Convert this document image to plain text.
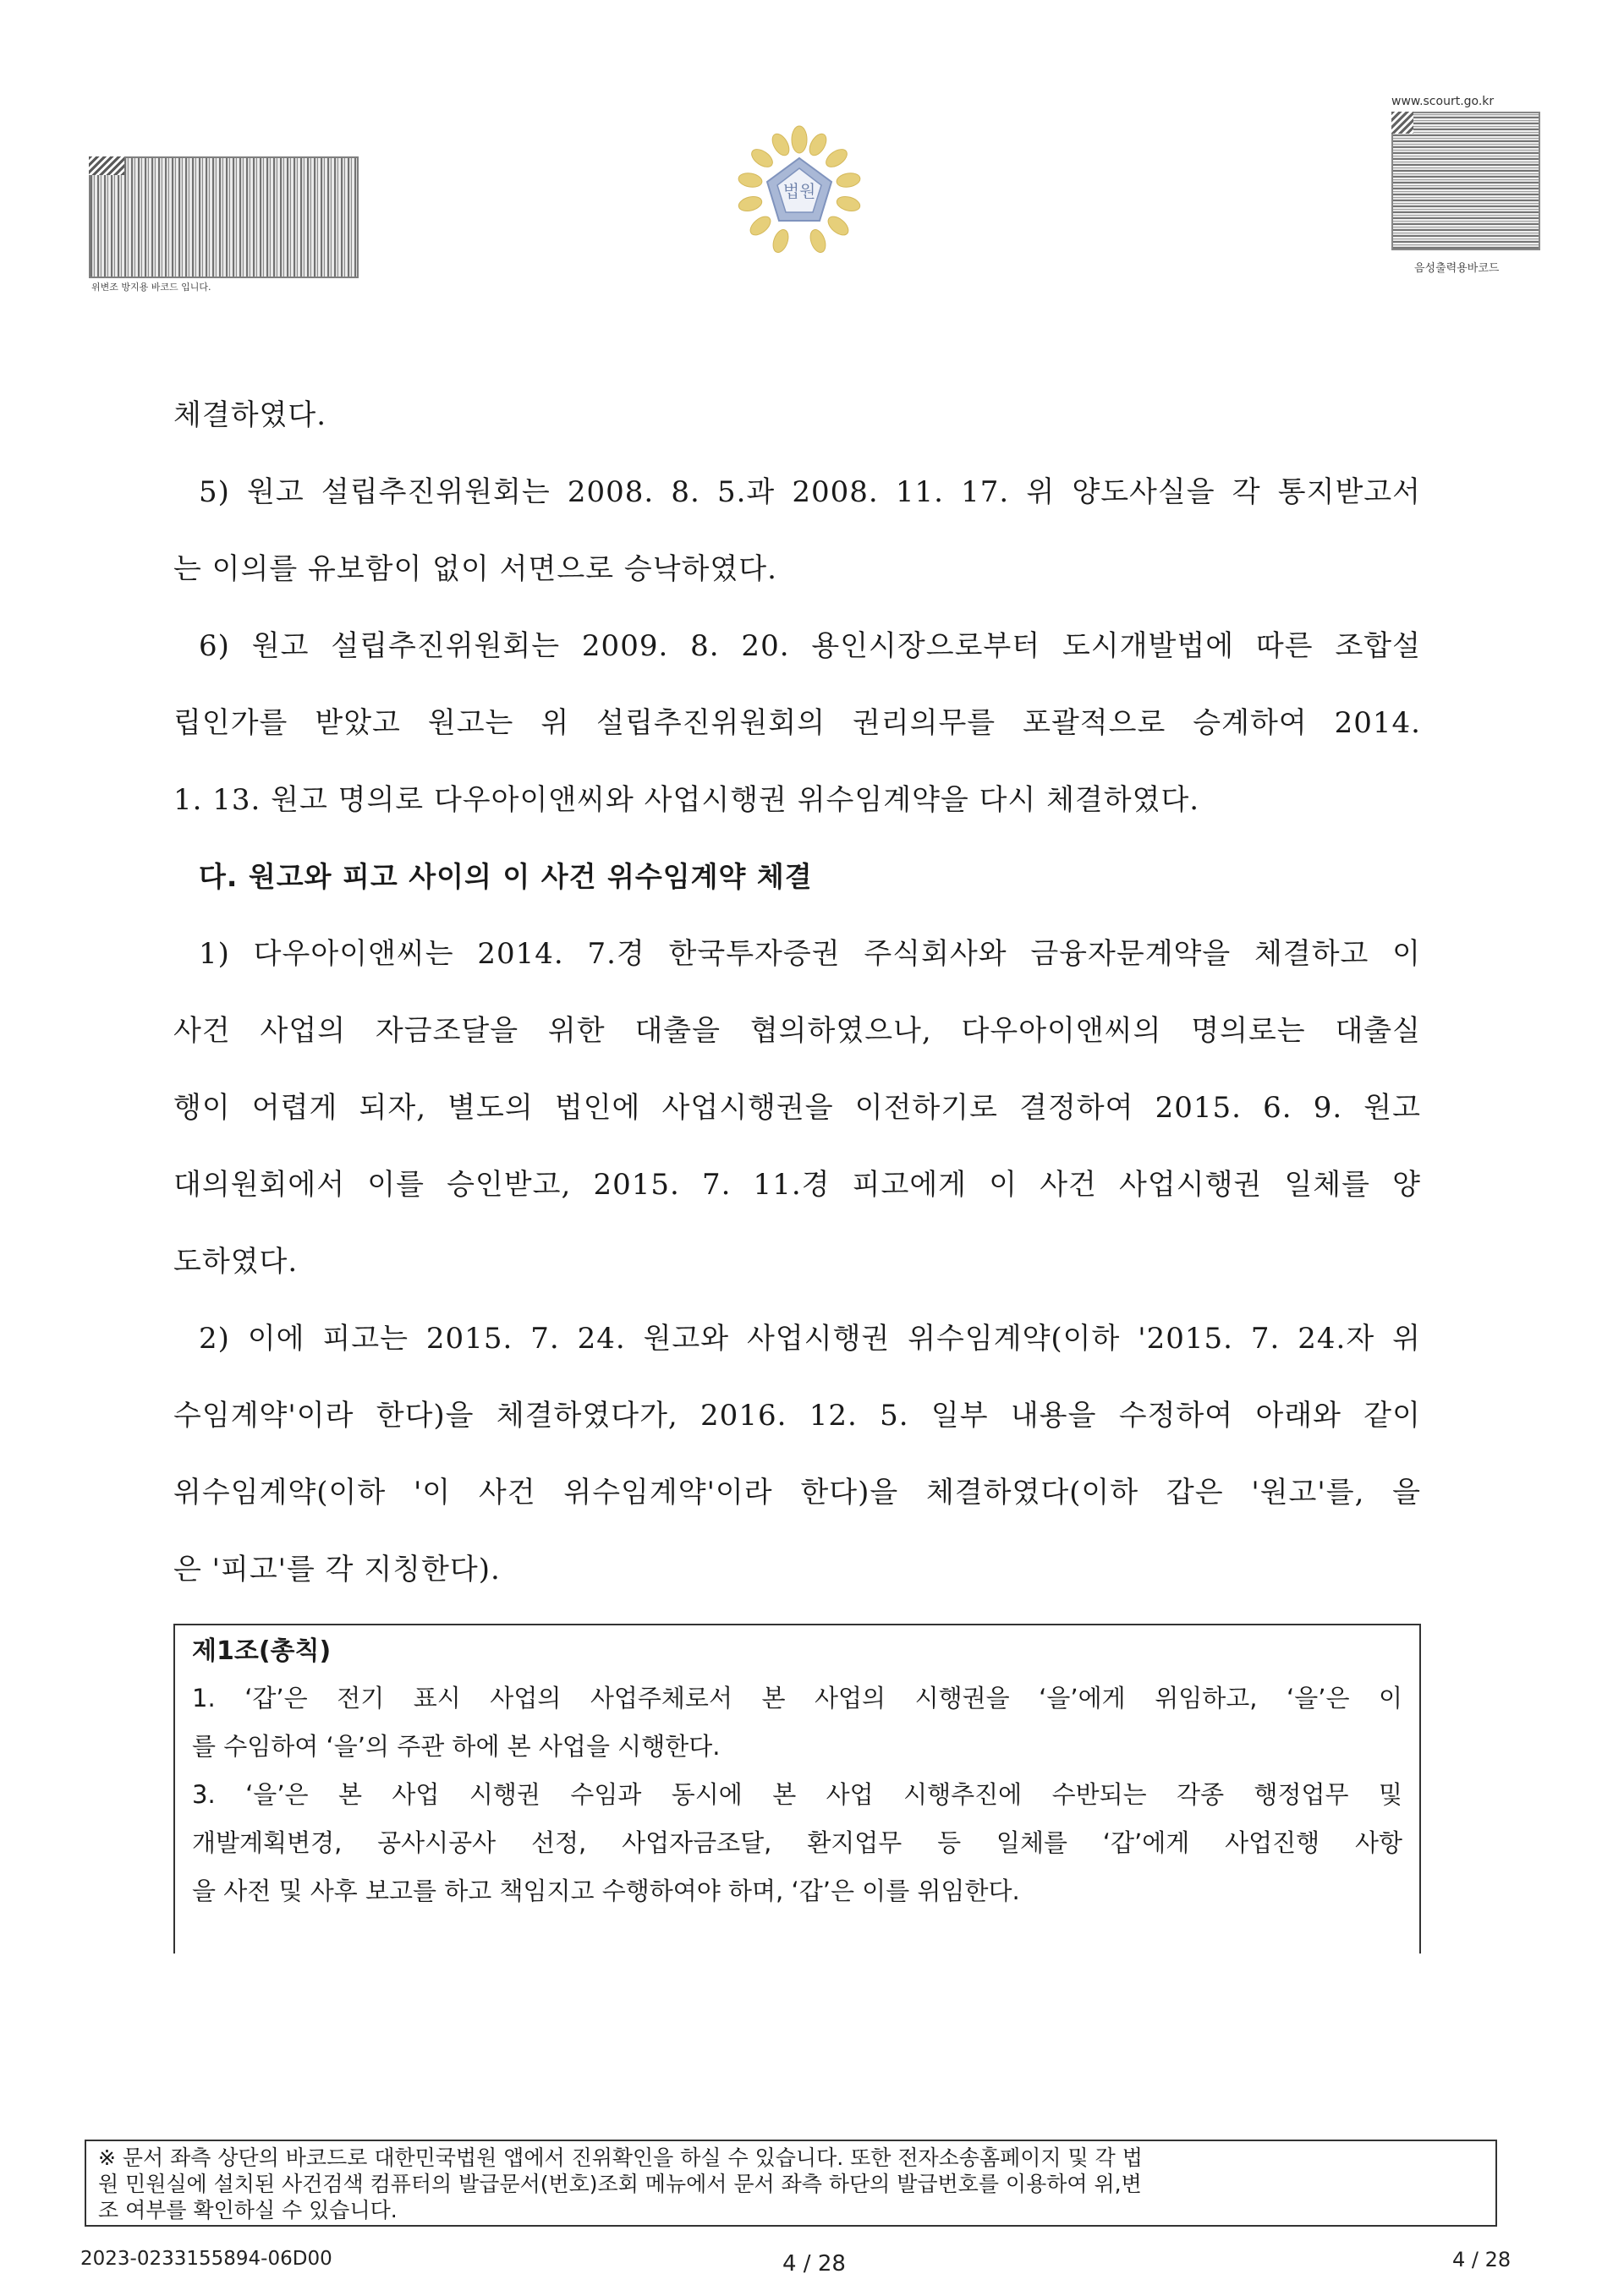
위변조 방지용 바코드 입니다.
법원
www.scourt.go.kr
음성출력용바코드
체결하였다.
5) 원고 설립추진위원회는 2008. 8. 5.과 2008. 11. 17. 위 양도사실을 각 통지받고서
는 이의를 유보함이 없이 서면으로 승낙하였다.
6) 원고 설립추진위원회는 2009. 8. 20. 용인시장으로부터 도시개발법에 따른 조합설
립인가를 받았고 원고는 위 설립추진위원회의 권리의무를 포괄적으로 승계하여 2014.
1. 13. 원고 명의로 다우아이앤씨와 사업시행권 위수임계약을 다시 체결하였다.
다. 원고와 피고 사이의 이 사건 위수임계약 체결
1) 다우아이앤씨는 2014. 7.경 한국투자증권 주식회사와 금융자문계약을 체결하고 이
사건 사업의 자금조달을 위한 대출을 협의하였으나, 다우아이앤씨의 명의로는 대출실
행이 어렵게 되자, 별도의 법인에 사업시행권을 이전하기로 결정하여 2015. 6. 9. 원고
대의원회에서 이를 승인받고, 2015. 7. 11.경 피고에게 이 사건 사업시행권 일체를 양
도하였다.
2) 이에 피고는 2015. 7. 24. 원고와 사업시행권 위수임계약(이하 '2015. 7. 24.자 위
수임계약'이라 한다)을 체결하였다가, 2016. 12. 5. 일부 내용을 수정하여 아래와 같이
위수임계약(이하 '이 사건 위수임계약'이라 한다)을 체결하였다(이하 갑은 '원고'를, 을
은 '피고'를 각 지칭한다).
제1조(총칙)
1. ‘갑’은 전기 표시 사업의 사업주체로서 본 사업의 시행권을 ‘을’에게 위임하고, ‘을’은 이
를 수임하여 ‘을’의 주관 하에 본 사업을 시행한다.
3. ‘을’은 본 사업 시행권 수임과 동시에 본 사업 시행추진에 수반되는 각종 행정업무 및
개발계획변경, 공사시공사 선정, 사업자금조달, 환지업무 등 일체를 ‘갑’에게 사업진행 사항
을 사전 및 사후 보고를 하고 책임지고 수행하여야 하며, ‘갑’은 이를 위임한다.
※ 문서 좌측 상단의 바코드로 대한민국법원 앱에서 진위확인을 하실 수 있습니다. 또한 전자소송홈페이지 및 각 법
원 민원실에 설치된 사건검색 컴퓨터의 발급문서(번호)조회 메뉴에서 문서 좌측 하단의 발급번호를 이용하여 위,변
조 여부를 확인하실 수 있습니다.
2023-0233155894-06D00	4 / 28	4 / 28
